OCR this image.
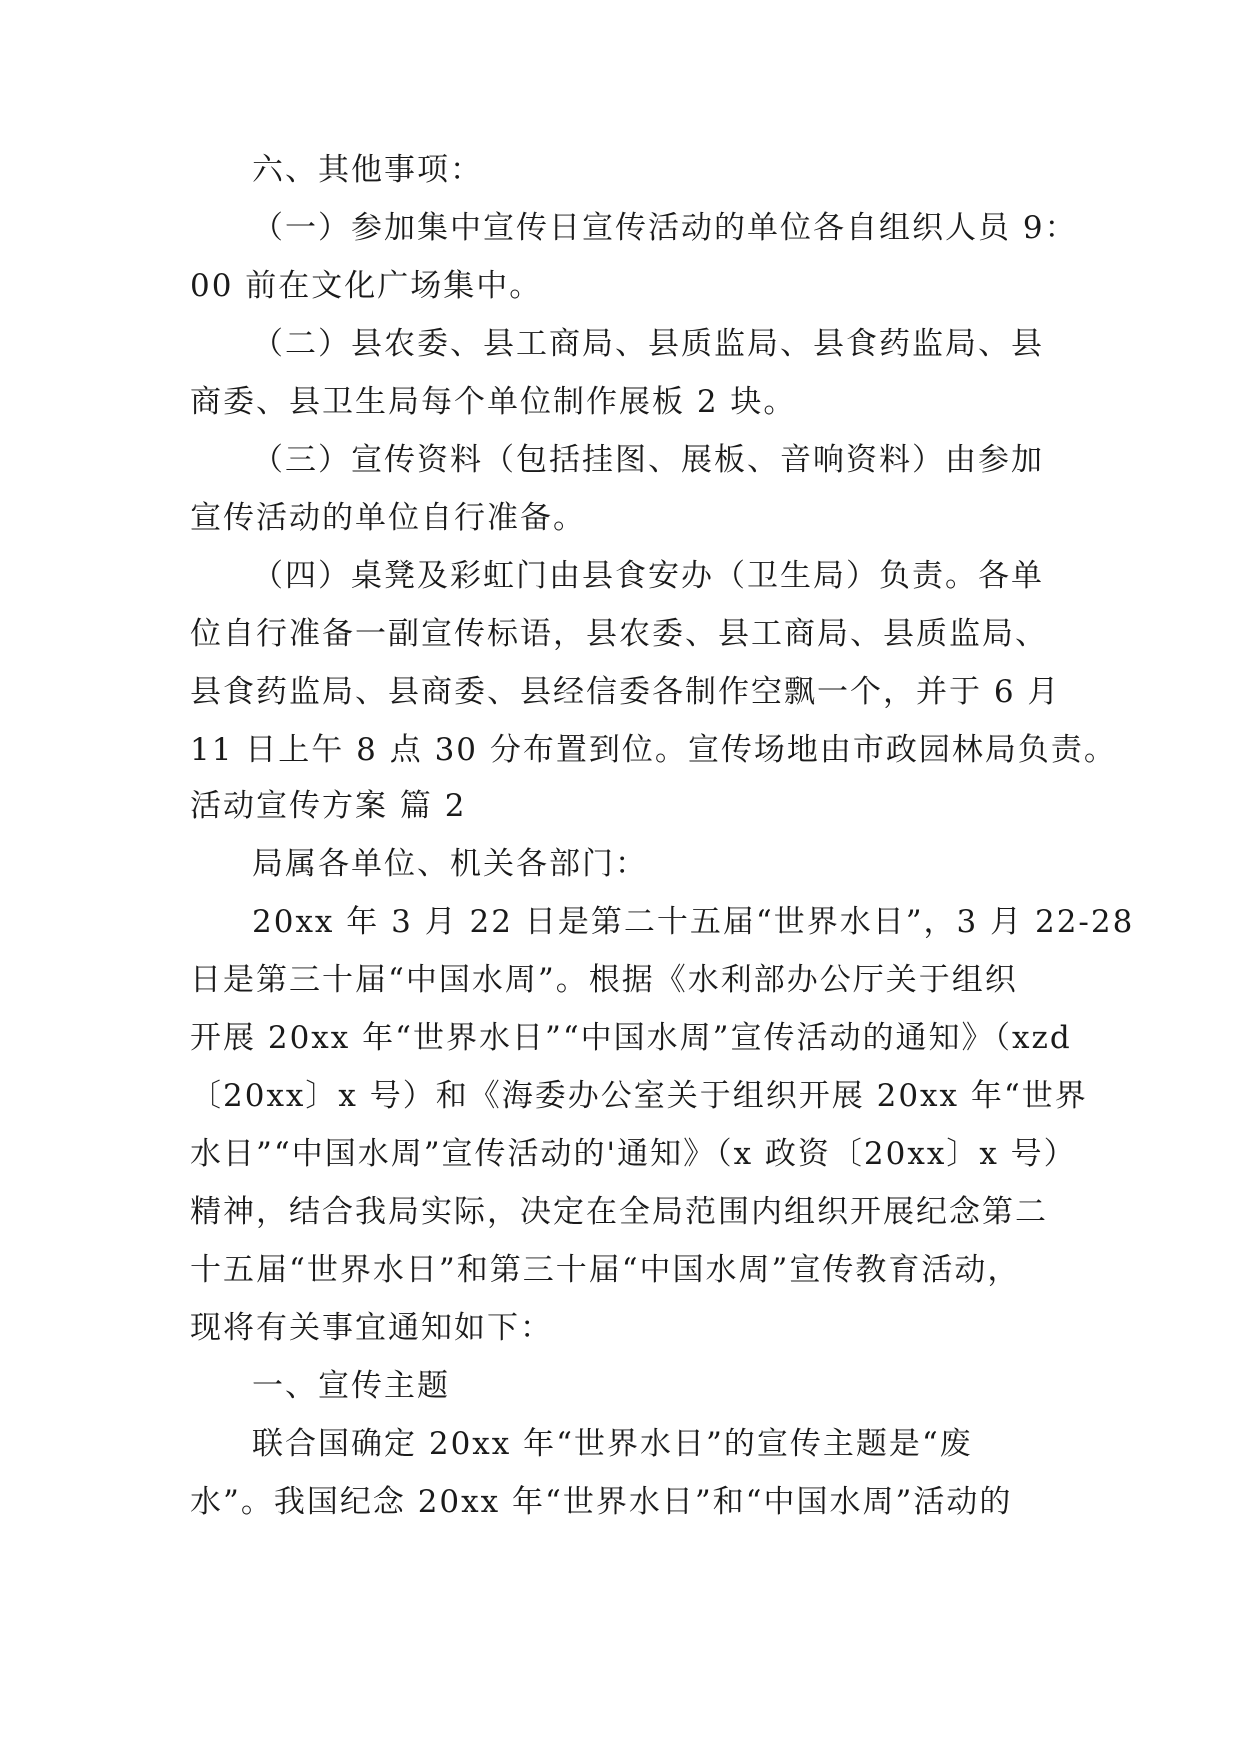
六、其他事项：
（一）参加集中宣传日宣传活动的单位各自组织人员 9：
00 前在文化广场集中。
（二）县农委、县工商局、县质监局、县食药监局、县
商委、县卫生局每个单位制作展板 2 块。
（三）宣传资料（包括挂图、展板、音响资料）由参加
宣传活动的单位自行准备。
（四）桌凳及彩虹门由县食安办（卫生局）负责。各单
位自行准备一副宣传标语，县农委、县工商局、县质监局、
县食药监局、县商委、县经信委各制作空飘一个，并于 6 月
11 日上午 8 点 30 分布置到位。宣传场地由市政园林局负责。
活动宣传方案 篇 2
局属各单位、机关各部门：
20xx 年 3 月 22 日是第二十五届“世界水日”，3 月 22-28
日是第三十届“中国水周”。根据《水利部办公厅关于组织
开展 20xx 年“世界水日”“中国水周”宣传活动的通知》（xzd
〔20xx〕x 号）和《海委办公室关于组织开展 20xx 年“世界
水日”“中国水周”宣传活动的'通知》（x 政资〔20xx〕x 号）
精神，结合我局实际，决定在全局范围内组织开展纪念第二
十五届“世界水日”和第三十届“中国水周”宣传教育活动，
现将有关事宜通知如下：
一、宣传主题
联合国确定 20xx 年“世界水日”的宣传主题是“废
水”。我国纪念 20xx 年“世界水日”和“中国水周”活动的
